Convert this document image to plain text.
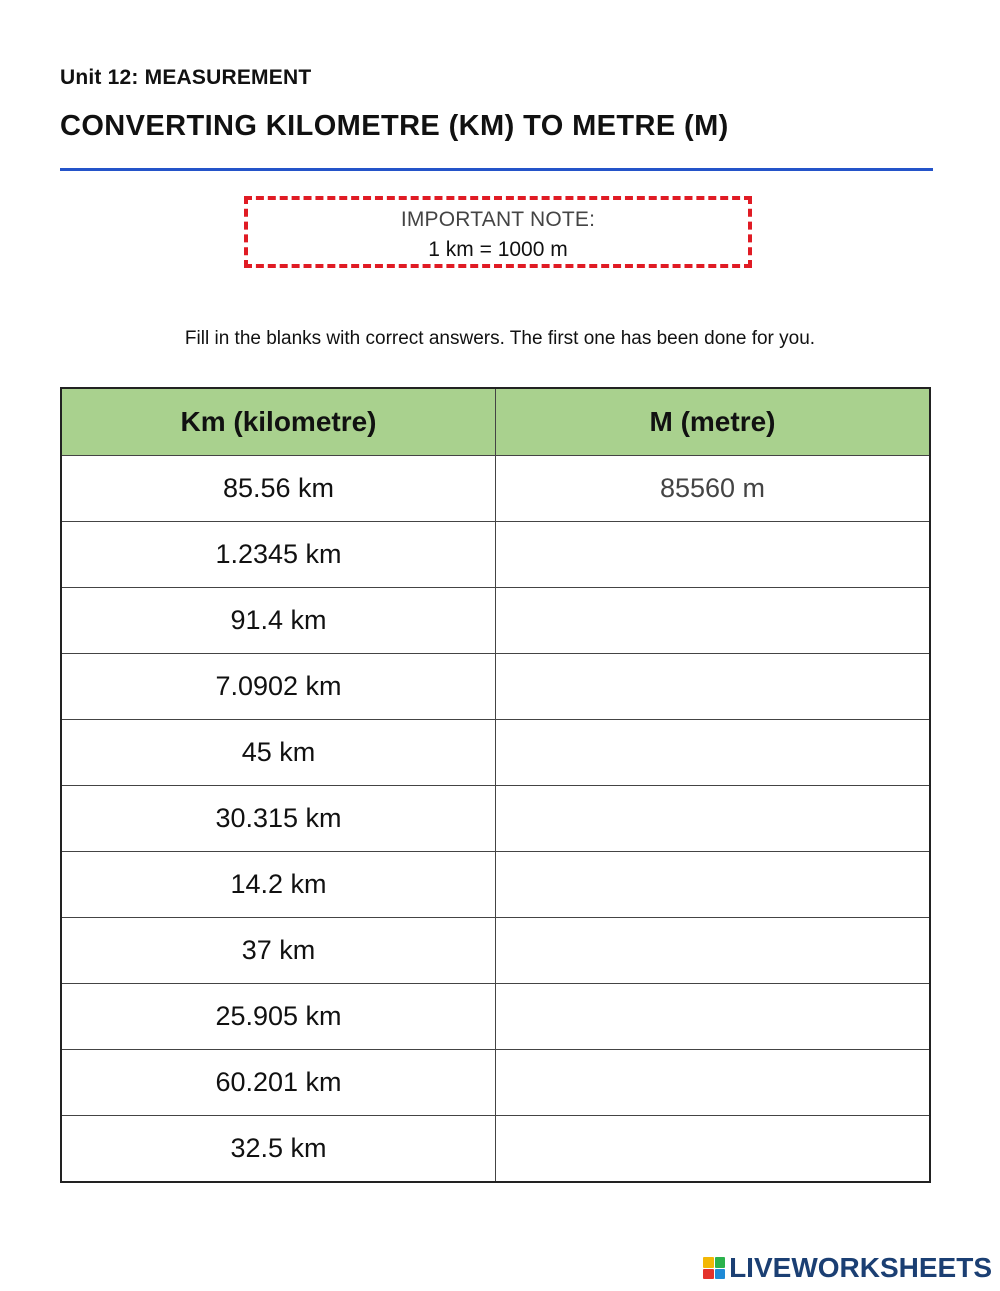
Unit 12: MEASUREMENT
CONVERTING KILOMETRE (KM) TO METRE (M)
IMPORTANT NOTE:
1 km = 1000 m
Fill in the blanks with correct answers. The first one has been done for you.
Km (kilometre)	M (metre)
85.56 km	85560 m
1.2345 km	
91.4 km	
7.0902 km	
45 km	
30.315 km	
14.2 km	
37 km	
25.905 km	
60.201 km	
32.5 km	
LIVEWORKSHEETS
